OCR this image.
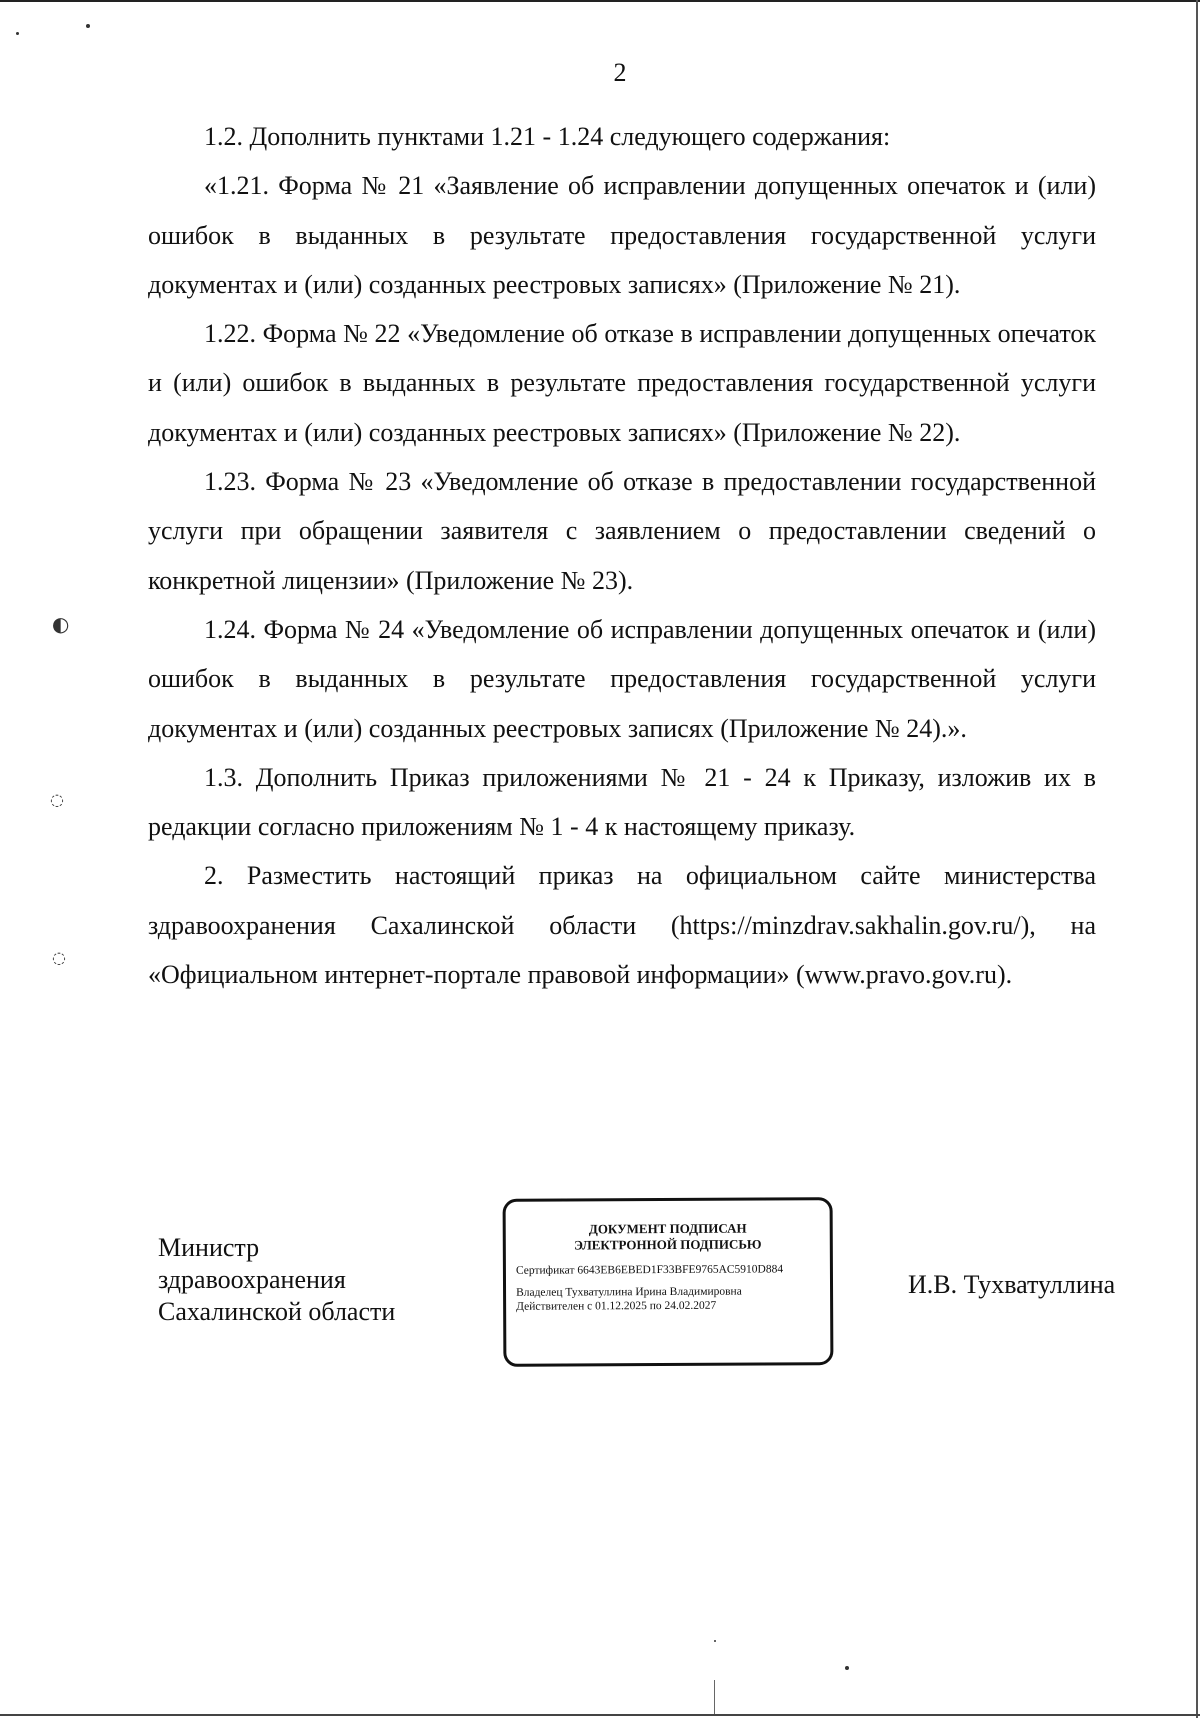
◐
◌
◌
2

1.2. Дополнить пунктами 1.21 - 1.24 следующего содержания:

«1.21. Форма № 21 «Заявление об исправлении допущенных опечаток и (или) ошибок в выданных в результате предоставления государственной услуги документах и (или) созданных реестровых записях» (Приложение № 21).

1.22. Форма № 22 «Уведомление об отказе в исправлении допущенных опечаток и (или) ошибок в выданных в результате предоставления государственной услуги документах и (или) созданных реестровых записях» (Приложение № 22).

1.23. Форма № 23 «Уведомление об отказе в предоставлении государственной услуги при обращении заявителя с заявлением о предоставлении сведений о конкретной лицензии» (Приложение № 23).

1.24. Форма № 24 «Уведомление об исправлении допущенных опечаток и (или) ошибок в выданных в результате предоставления государственной услуги документах и (или) созданных реестровых записях (Приложение № 24).».

1.3. Дополнить Приказ приложениями № 21 - 24 к Приказу, изложив их в редакции согласно приложениям № 1 - 4 к настоящему приказу.

2. Разместить настоящий приказ на официальном сайте министерства здравоохранения Сахалинской области (https://minzdrav.sakhalin.gov.ru/), на «Официальном интернет-портале правовой информации» (www.pravo.gov.ru).

Министр
здравоохранения
Сахалинской области
ДОКУМЕНТ ПОДПИСАН
ЭЛЕКТРОННОЙ ПОДПИСЬЮ
Сертификат 6643EB6EBED1F33BFE9765AC5910D884
Владелец Тухватуллина Ирина Владимировна
Действителен с 01.12.2025 по 24.02.2027
И.В. Тухватуллина
